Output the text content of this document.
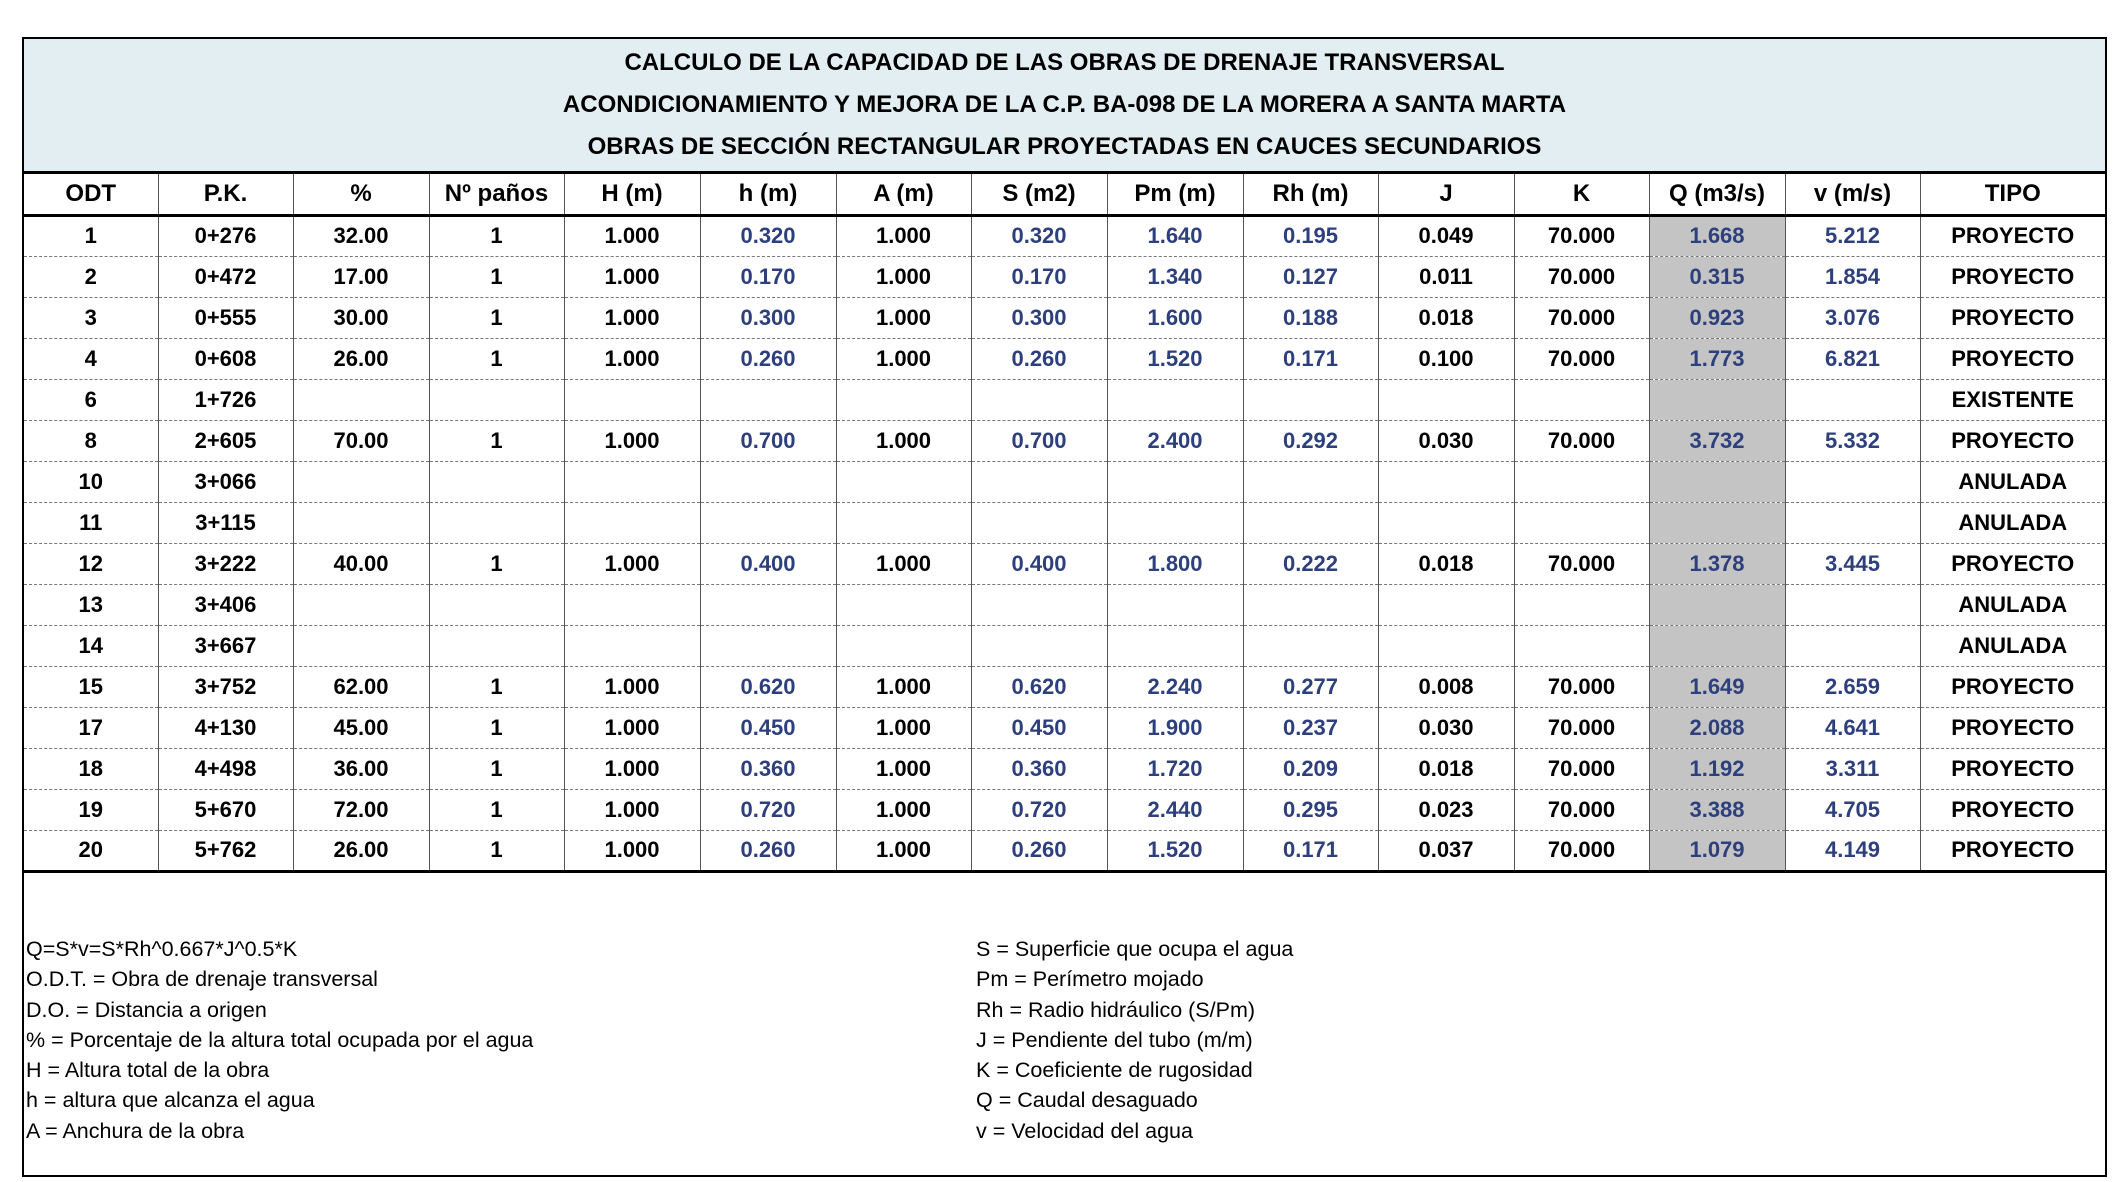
CALCULO DE LA CAPACIDAD DE LAS OBRAS DE DRENAJE TRANSVERSAL
ACONDICIONAMIENTO Y MEJORA DE LA C.P. BA-098 DE LA MORERA A SANTA MARTA
OBRAS DE SECCIÓN RECTANGULAR PROYECTADAS EN CAUCES SECUNDARIOS
ODT	P.K.	%	Nº paños	H (m)	h (m)	A (m)	S (m2)	Pm (m)	Rh (m)	J	K	Q (m3/s)	v (m/s)	TIPO
1	0+276	32.00	1	1.000	0.320	1.000	0.320	1.640	0.195	0.049	70.000	1.668	5.212	PROYECTO
2	0+472	17.00	1	1.000	0.170	1.000	0.170	1.340	0.127	0.011	70.000	0.315	1.854	PROYECTO
3	0+555	30.00	1	1.000	0.300	1.000	0.300	1.600	0.188	0.018	70.000	0.923	3.076	PROYECTO
4	0+608	26.00	1	1.000	0.260	1.000	0.260	1.520	0.171	0.100	70.000	1.773	6.821	PROYECTO
6	1+726													EXISTENTE
8	2+605	70.00	1	1.000	0.700	1.000	0.700	2.400	0.292	0.030	70.000	3.732	5.332	PROYECTO
10	3+066													ANULADA
11	3+115													ANULADA
12	3+222	40.00	1	1.000	0.400	1.000	0.400	1.800	0.222	0.018	70.000	1.378	3.445	PROYECTO
13	3+406													ANULADA
14	3+667													ANULADA
15	3+752	62.00	1	1.000	0.620	1.000	0.620	2.240	0.277	0.008	70.000	1.649	2.659	PROYECTO
17	4+130	45.00	1	1.000	0.450	1.000	0.450	1.900	0.237	0.030	70.000	2.088	4.641	PROYECTO
18	4+498	36.00	1	1.000	0.360	1.000	0.360	1.720	0.209	0.018	70.000	1.192	3.311	PROYECTO
19	5+670	72.00	1	1.000	0.720	1.000	0.720	2.440	0.295	0.023	70.000	3.388	4.705	PROYECTO
20	5+762	26.00	1	1.000	0.260	1.000	0.260	1.520	0.171	0.037	70.000	1.079	4.149	PROYECTO
Q=S*v=S*Rh^0.667*J^0.5*K
O.D.T. = Obra de drenaje transversal
D.O. = Distancia a origen
% = Porcentaje de la altura total ocupada por el agua
H = Altura total de la obra
h = altura que alcanza el agua
A = Anchura de la obra
S = Superficie que ocupa el agua
Pm = Perímetro mojado
Rh = Radio hidráulico (S/Pm)
J = Pendiente del tubo (m/m)
K = Coeficiente de rugosidad
Q = Caudal desaguado
v = Velocidad del agua
